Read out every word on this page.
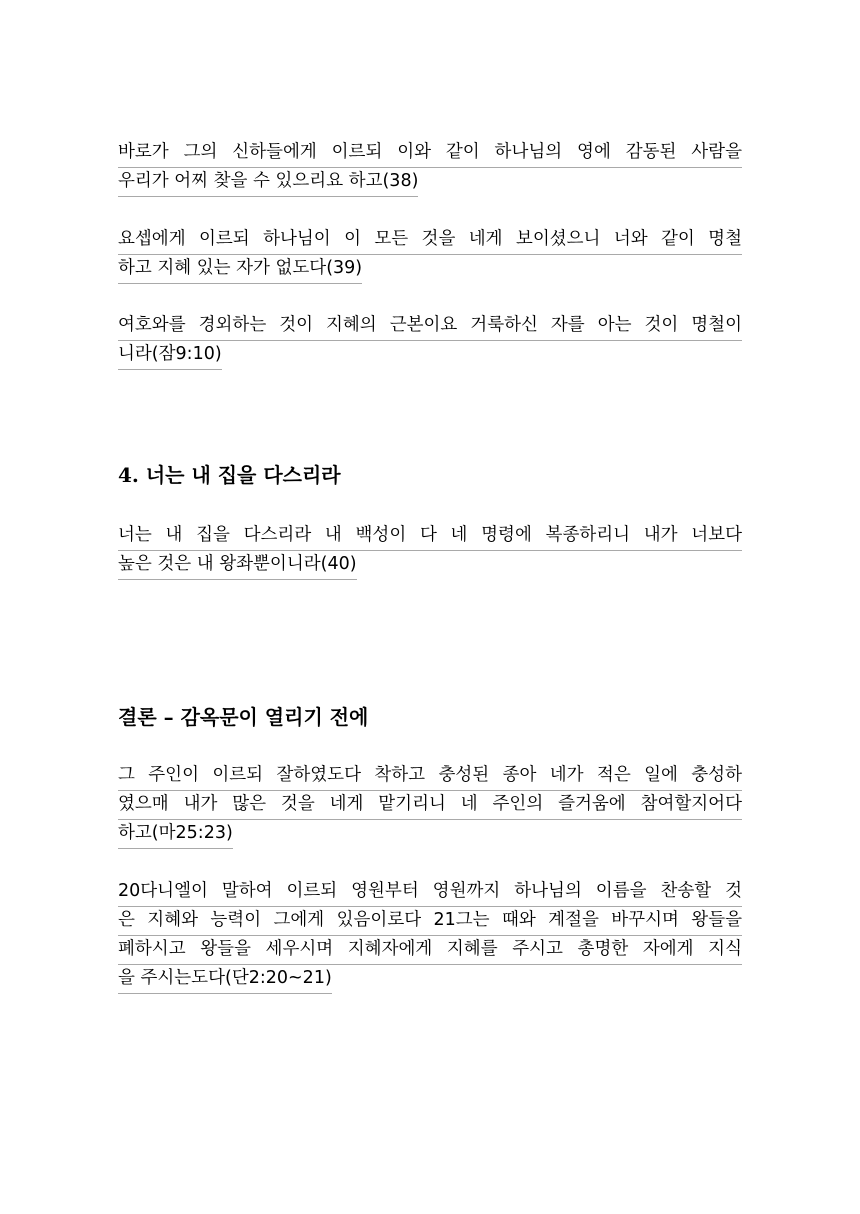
바로가 그의 신하들에게 이르되 이와 같이 하나님의 영에 감동된 사람을
우리가 어찌 찾을 수 있으리요 하고(38)
요셉에게 이르되 하나님이 이 모든 것을 네게 보이셨으니 너와 같이 명철
하고 지혜 있는 자가 없도다(39)
여호와를 경외하는 것이 지혜의 근본이요 거룩하신 자를 아는 것이 명철이
니라(잠9:10)
4. 너는 내 집을 다스리라
너는 내 집을 다스리라 내 백성이 다 네 명령에 복종하리니 내가 너보다
높은 것은 내 왕좌뿐이니라(40)
결론 – 감옥문이 열리기 전에
그 주인이 이르되 잘하였도다 착하고 충성된 종아 네가 적은 일에 충성하
였으매 내가 많은 것을 네게 맡기리니 네 주인의 즐거움에 참여할지어다
하고(마25:23)
20다니엘이 말하여 이르되 영원부터 영원까지 하나님의 이름을 찬송할 것
은 지혜와 능력이 그에게 있음이로다 21그는 때와 계절을 바꾸시며 왕들을
폐하시고 왕들을 세우시며 지혜자에게 지혜를 주시고 총명한 자에게 지식
을 주시는도다(단2:20~21)
